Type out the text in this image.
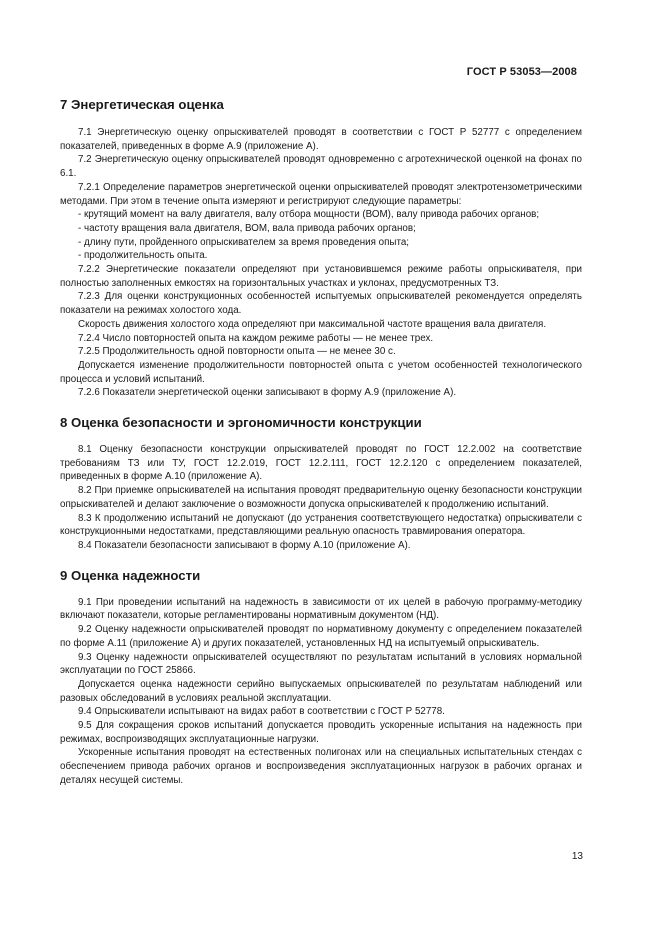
ГОСТ Р 53053—2008
7 Энергетическая оценка

7.1 Энергетическую оценку опрыскивателей проводят в соответствии с ГОСТ Р 52777 с определением показателей, приведенных в форме А.9 (приложение А).

7.2 Энергетическую оценку опрыскивателей проводят одновременно с агротехнической оценкой на фонах по 6.1.

7.2.1 Определение параметров энергетической оценки опрыскивателей проводят электротензометрическими методами. При этом в течение опыта измеряют и регистрируют следующие параметры:

- крутящий момент на валу двигателя, валу отбора мощности (ВОМ), валу привода рабочих органов;

- частоту вращения вала двигателя, ВОМ, вала привода рабочих органов;

- длину пути, пройденного опрыскивателем за время проведения опыта;

- продолжительность опыта.

7.2.2 Энергетические показатели определяют при установившемся режиме работы опрыскивателя, при полностью заполненных емкостях на горизонтальных участках и уклонах, предусмотренных ТЗ.

7.2.3 Для оценки конструкционных особенностей испытуемых опрыскивателей рекомендуется определять показатели на режимах холостого хода.

Скорость движения холостого хода определяют при максимальной частоте вращения вала двигателя.

7.2.4 Число повторностей опыта на каждом режиме работы — не менее трех.

7.2.5 Продолжительность одной повторности опыта — не менее 30 с.

Допускается изменение продолжительности повторностей опыта с учетом особенностей технологического процесса и условий испытаний.

7.2.6 Показатели энергетической оценки записывают в форму А.9 (приложение А).

8 Оценка безопасности и эргономичности конструкции

8.1 Оценку безопасности конструкции опрыскивателей проводят по ГОСТ 12.2.002 на соответствие требованиям ТЗ или ТУ, ГОСТ 12.2.019, ГОСТ 12.2.111, ГОСТ 12.2.120 с определением показателей, приведенных в форме А.10 (приложение А).

8.2 При приемке опрыскивателей на испытания проводят предварительную оценку безопасности конструкции опрыскивателей и делают заключение о возможности допуска опрыскивателей к продолжению испытаний.

8.3 К продолжению испытаний не допускают (до устранения соответствующего недостатка) опрыскиватели с конструкционными недостатками, представляющими реальную опасность травмирования оператора.

8.4 Показатели безопасности записывают в форму А.10 (приложение А).

9 Оценка надежности

9.1 При проведении испытаний на надежность в зависимости от их целей в рабочую программу-методику включают показатели, которые регламентированы нормативным документом (НД).

9.2 Оценку надежности опрыскивателей проводят по нормативному документу с определением показателей по форме А.11 (приложение А) и других показателей, установленных НД на испытуемый опрыскиватель.

9.3 Оценку надежности опрыскивателей осуществляют по результатам испытаний в условиях нормальной эксплуатации по ГОСТ 25866.

Допускается оценка надежности серийно выпускаемых опрыскивателей по результатам наблюдений или разовых обследований в условиях реальной эксплуатации.

9.4 Опрыскиватели испытывают на видах работ в соответствии с ГОСТ Р 52778.

9.5 Для сокращения сроков испытаний допускается проводить ускоренные испытания на надежность при режимах, воспроизводящих эксплуатационные нагрузки.

Ускоренные испытания проводят на естественных полигонах или на специальных испытательных стендах с обеспечением привода рабочих органов и воспроизведения эксплуатационных нагрузок в рабочих органах и деталях несущей системы.

13
